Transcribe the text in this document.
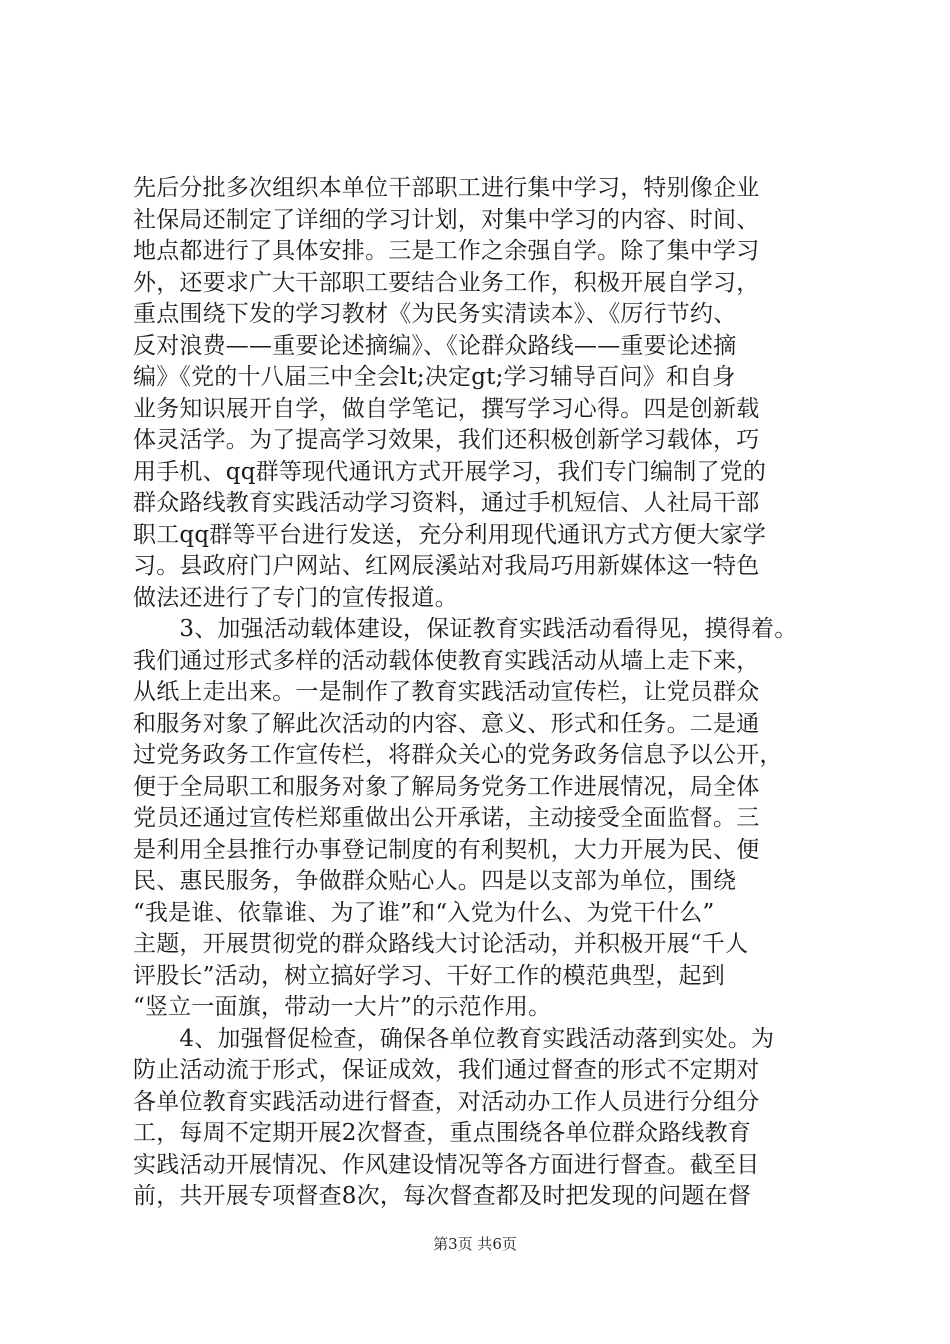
先后分批多次组织本单位干部职工进行集中学习，特别像企业
社保局还制定了详细的学习计划，对集中学习的内容、时间、
地点都进行了具体安排。三是工作之余强自学。除了集中学习
外，还要求广大干部职工要结合业务工作，积极开展自学习，
重点围绕下发的学习教材《为民务实清读本》、《厉行节约、
反对浪费——重要论述摘编》、《论群众路线——重要论述摘
编》《党的十八届三中全会lt;决定gt;学习辅导百问》和自身
业务知识展开自学，做自学笔记，撰写学习心得。四是创新载
体灵活学。为了提高学习效果，我们还积极创新学习载体，巧
用手机、qq群等现代通讯方式开展学习，我们专门编制了党的
群众路线教育实践活动学习资料，通过手机短信、人社局干部
职工qq群等平台进行发送，充分利用现代通讯方式方便大家学
习。县政府门户网站、红网辰溪站对我局巧用新媒体这一特色
做法还进行了专门的宣传报道。
　　3、加强活动载体建设，保证教育实践活动看得见，摸得着。
我们通过形式多样的活动载体使教育实践活动从墙上走下来，
从纸上走出来。一是制作了教育实践活动宣传栏，让党员群众
和服务对象了解此次活动的内容、意义、形式和任务。二是通
过党务政务工作宣传栏，将群众关心的党务政务信息予以公开，
便于全局职工和服务对象了解局务党务工作进展情况，局全体
党员还通过宣传栏郑重做出公开承诺，主动接受全面监督。三
是利用全县推行办事登记制度的有利契机，大力开展为民、便
民、惠民服务，争做群众贴心人。四是以支部为单位，围绕
“我是谁、依靠谁、为了谁”和“入党为什么、为党干什么”
主题，开展贯彻党的群众路线大讨论活动，并积极开展“千人
评股长”活动，树立搞好学习、干好工作的模范典型，起到
“竖立一面旗，带动一大片”的示范作用。
　　4、加强督促检查，确保各单位教育实践活动落到实处。为
防止活动流于形式，保证成效，我们通过督查的形式不定期对
各单位教育实践活动进行督查，对活动办工作人员进行分组分
工，每周不定期开展2次督查，重点围绕各单位群众路线教育
实践活动开展情况、作风建设情况等各方面进行督查。截至目
前，共开展专项督查8次，每次督查都及时把发现的问题在督
第3页 共6页
